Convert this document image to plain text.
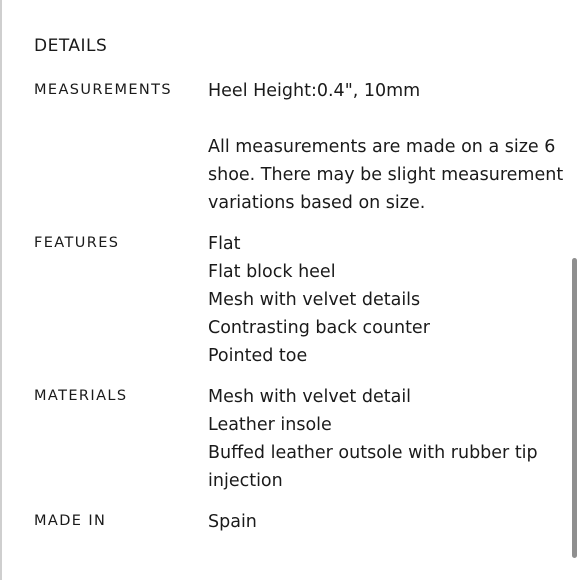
DETAILS
MEASUREMENTS Heel Height:0.4", 10mm
All measurements are made on a size 6
shoe. There may be slight measurement
variations based on size.
FEATURES	Flat
Flat block heel
Mesh with velvet details
Contrasting back counter
Pointed toe
MATERIALS	Mesh with velvet detail
Leather insole
Buffed leather outsole with rubber tip
injection
MADE IN	Spain
